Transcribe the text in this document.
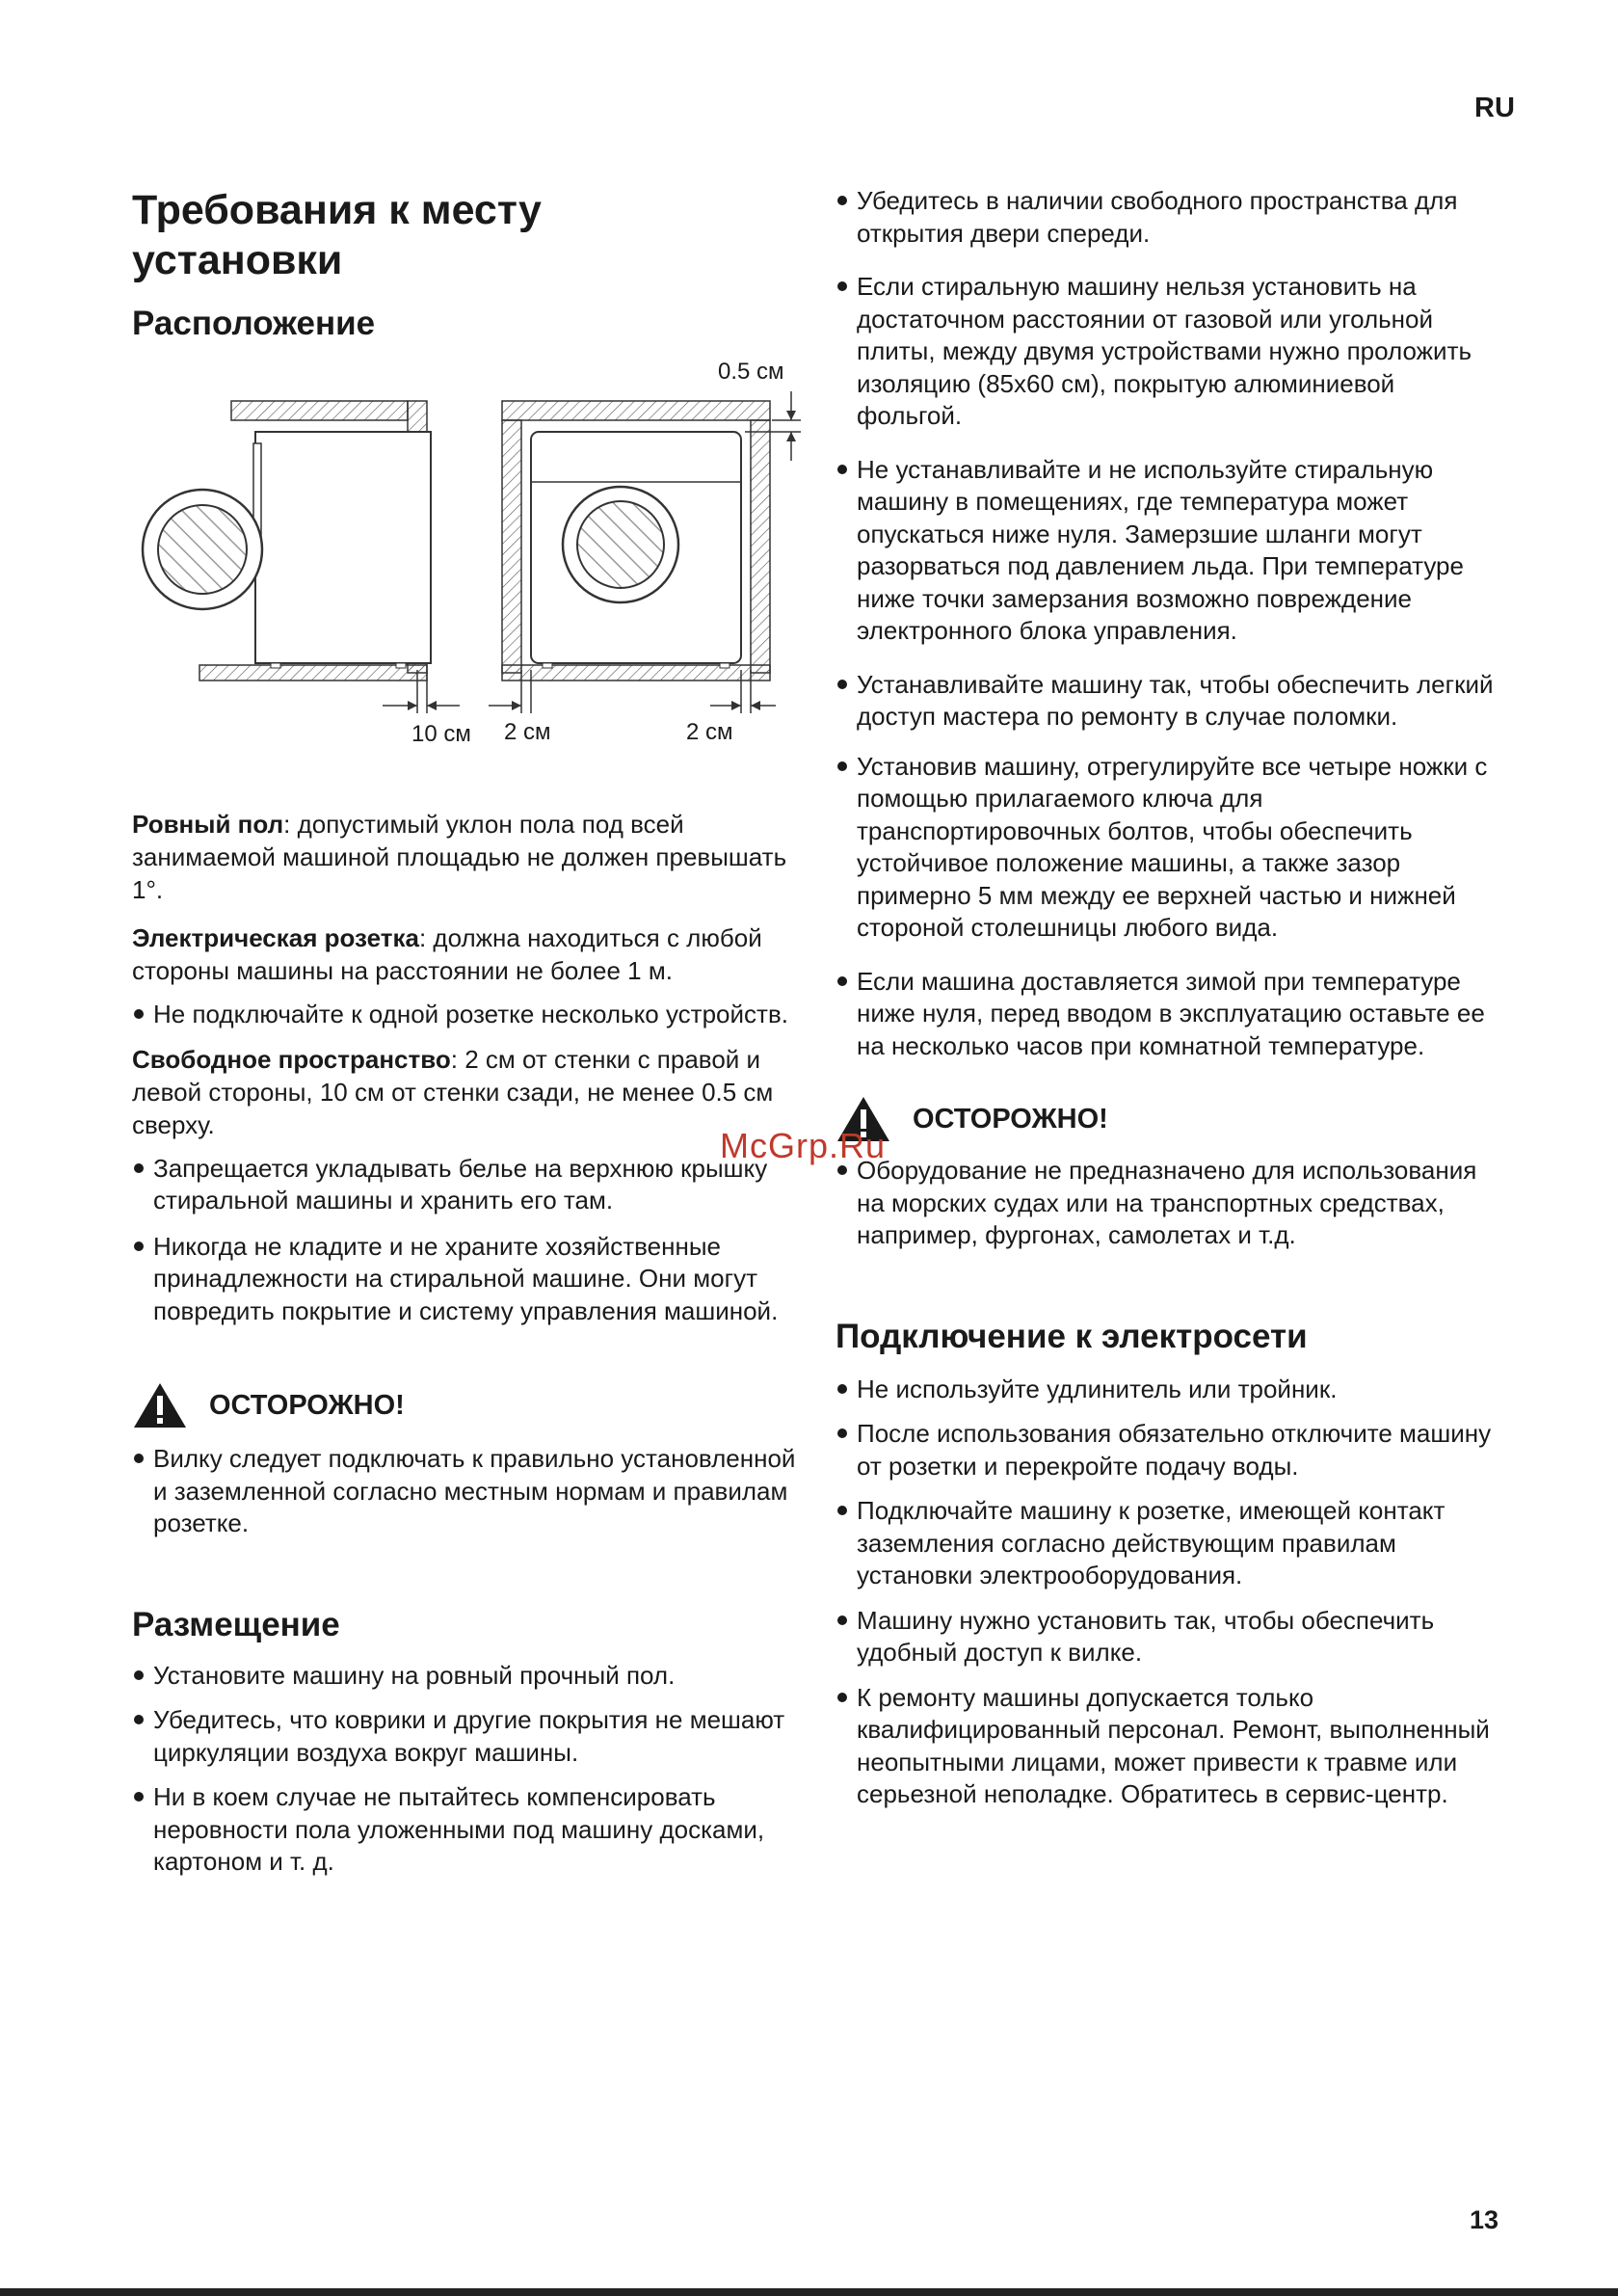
RU
Требования к месту установки
Расположение
0.5 см
10 см 2 см	2 см

Ровный пол: допустимый уклон пола под всей занимаемой машиной площадью не должен превышать 1°.

Электрическая розетка: должна находиться с любой стороны машины на расстоянии не более 1 м.

Не подключайте к одной розетке несколько устройств.

Свободное пространство: 2 см от стенки с правой и левой стороны, 10 см от стенки сзади, не менее 0.5 см сверху.

Запрещается укладывать белье на верхнюю крышку стиральной машины и хранить его там.
Никогда не кладите и не храните хозяйственные принадлежности на стиральной машине. Они могут повредить покрытие и систему управления машиной.
ОСТОРОЖНО!
Вилку следует подключать к правильно установленной и заземленной согласно местным нормам и правилам розетке.
Размещение
Установите машину на ровный прочный пол.
Убедитесь, что коврики и другие покрытия не мешают циркуляции воздуха вокруг машины.
Ни в коем случае не пытайтесь компенсировать неровности пола уложенными под машину досками, картоном и т. д.
Убедитесь в наличии свободного пространства для открытия двери спереди.
Если стиральную машину нельзя установить на достаточном расстоянии от газовой или угольной плиты, между двумя устройствами нужно проложить изоляцию (85x60 см), покрытую алюминиевой фольгой.
Не устанавливайте и не используйте стиральную машину в помещениях, где температура может опускаться ниже нуля. Замерзшие шланги могут разорваться под давлением льда. При температуре ниже точки замерзания возможно повреждение электронного блока управления.
Устанавливайте машину так, чтобы обеспечить легкий доступ мастера по ремонту в случае поломки.
Установив машину, отрегулируйте все четыре ножки с помощью прилагаемого ключа для транспортировочных болтов, чтобы обеспечить устойчивое положение машины, а также зазор примерно 5 мм между ее верхней частью и нижней стороной столешницы любого вида.
Если машина доставляется зимой при температуре ниже нуля, перед вводом в эксплуатацию оставьте ее на несколько часов при комнатной температуре.
ОСТОРОЖНО!
Оборудование не предназначено для использования на морских судах или на транспортных средствах, например, фургонах, самолетах и т.д.
Подключение к электросети
Не используйте удлинитель или тройник.
После использования обязательно отключите машину от розетки и перекройте подачу воды.
Подключайте машину к розетке, имеющей контакт заземления согласно действующим правилам установки электрооборудования.
Машину нужно установить так, чтобы обеспечить удобный доступ к вилке.
К ремонту машины допускается только квалифицированный персонал. Ремонт, выполненный неопытными лицами, может привести к травме или серьезной неполадке. Обратитесь в сервис-центр.
McGrp.Ru
13
